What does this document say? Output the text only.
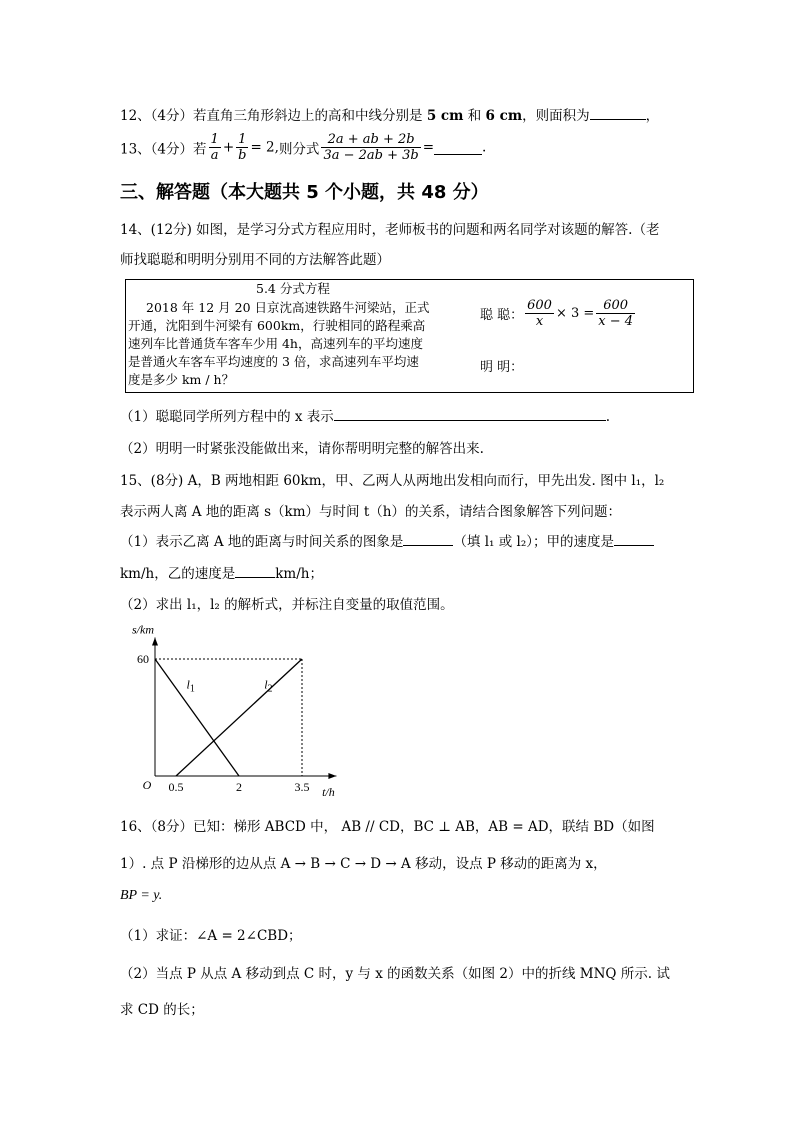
12、（4分）若直角三角形斜边上的高和中线分别是 5 cm 和 6 cm，则面积为	，
13、（4分）若 $\frac{1}{a} + \frac{1}{b} = 2$,则分式 $\frac{2a + ab + 2b}{3a - 2ab + 3b}$ =	.
三、解答题（本大题共 5 个小题，共 48 分）
14、(12分) 如图，是学习分式方程应用时，老师板书的问题和两名同学对该题的解答.（老
师找聪聪和明明分别用不同的方法解答此题）
5.4 分式方程
2018 年 12 月 20 日京沈高速铁路牛河梁站，正式
开通，沈阳到牛河梁有 600km，行驶相同的路程乘高
速列车比普通货车客车少用 4h，高速列车的平均速度
是普通火车客车平均速度的 3 倍，求高速列车平均速
度是多少 km / h？
聪 聪： $\frac{600}{x} \times 3 = \frac{600}{x - 4}$
明 明：
（1）聪聪同学所列方程中的 x 表示	.
（2）明明一时紧张没能做出来，请你帮明明完整的解答出来.
15、(8分) A，B 两地相距 60km，甲、乙两人从两地出发相向而行，甲先出发. 图中 l₁，l₂
表示两人离 A 地的距离 s（km）与时间 t（h）的关系，请结合图象解答下列问题：
（1）表示乙离 A 地的距离与时间关系的图象是	（填 l₁ 或 l₂）；甲的速度是
km/h，乙的速度是	km/h；
（2）求出 l₁，l₂ 的解析式，并标注自变量的取值范围。
$l_1$	$l_2$
0.5	2	3.5
60
O
s/km
t/h
16、（8分）已知：梯形 ABCD 中， AB // CD，BC ⊥ AB，AB = AD，联结 BD（如图
1）. 点 P 沿梯形的边从点 A → B → C → D → A 移动，设点 P 移动的距离为 x，
BP = y.
（1）求证：∠A = 2∠CBD；
（2）当点 P 从点 A 移动到点 C 时，y 与 x 的函数关系（如图 2）中的折线 MNQ 所示. 试
求 CD 的长；
